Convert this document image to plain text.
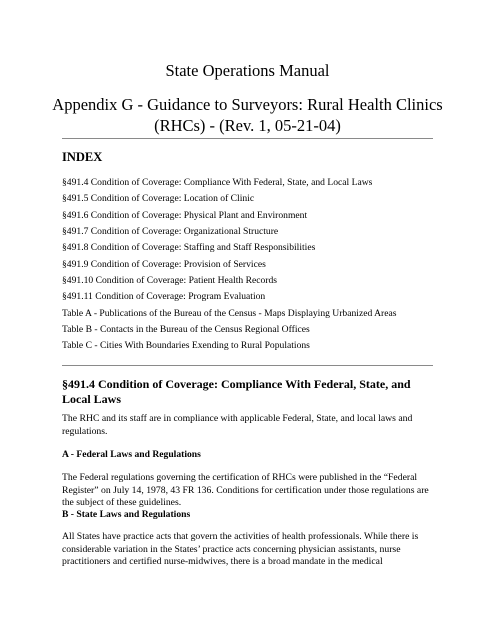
State Operations Manual
Appendix G - Guidance to Surveyors: Rural Health Clinics
(RHCs) - (Rev. 1, 05-21-04)
INDEX
§491.4 Condition of Coverage: Compliance With Federal, State, and Local Laws
§491.5 Condition of Coverage: Location of Clinic
§491.6 Condition of Coverage: Physical Plant and Environment
§491.7 Condition of Coverage: Organizational Structure
§491.8 Condition of Coverage: Staffing and Staff Responsibilities
§491.9 Condition of Coverage: Provision of Services
§491.10 Condition of Coverage: Patient Health Records
§491.11 Condition of Coverage: Program Evaluation
Table A - Publications of the Bureau of the Census - Maps Displaying Urbanized Areas
Table B - Contacts in the Bureau of the Census Regional Offices
Table C - Cities With Boundaries Exending to Rural Populations
§491.4 Condition of Coverage: Compliance With Federal, State, and Local Laws
The RHC and its staff are in compliance with applicable Federal, State, and local laws and regulations.
A - Federal Laws and Regulations
The Federal regulations governing the certification of RHCs were published in the “Federal Register” on July 14, 1978, 43 FR 136. Conditions for certification under those regulations are the subject of these guidelines.
B - State Laws and Regulations
All States have practice acts that govern the activities of health professionals. While there is considerable variation in the States’ practice acts concerning physician assistants, nurse practitioners and certified nurse-midwives, there is a broad mandate in the medical
